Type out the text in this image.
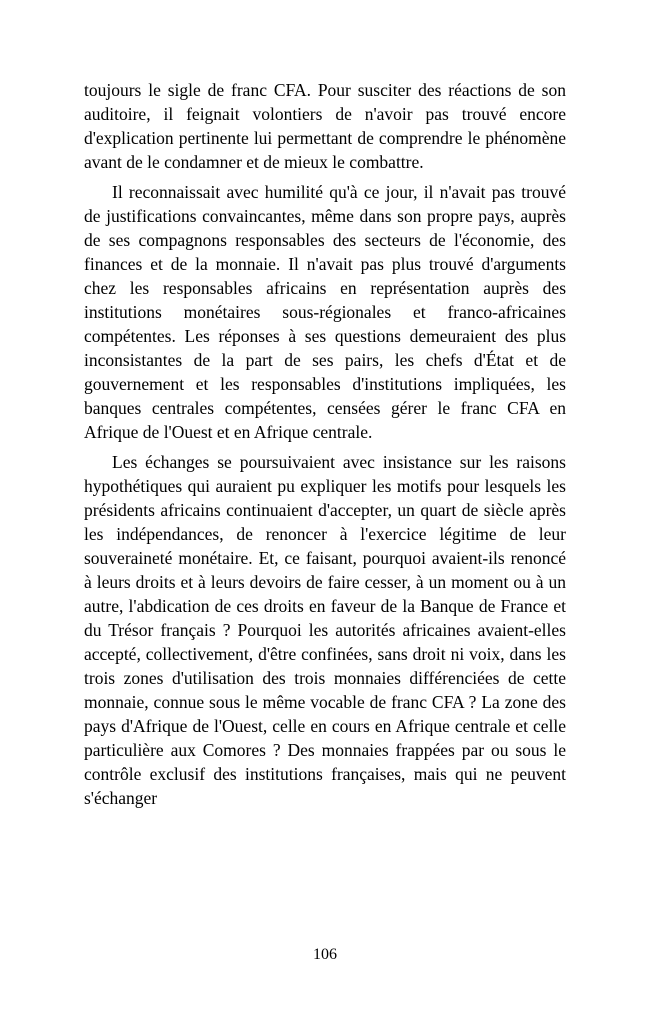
toujours le sigle de franc CFA. Pour susciter des réactions de son auditoire, il feignait volontiers de n'avoir pas trouvé encore d'explication pertinente lui permettant de comprendre le phénomène avant de le condamner et de mieux le combattre.

Il reconnaissait avec humilité qu'à ce jour, il n'avait pas trouvé de justifications convaincantes, même dans son propre pays, auprès de ses compagnons responsables des secteurs de l'économie, des finances et de la monnaie. Il n'avait pas plus trouvé d'arguments chez les responsables africains en représentation auprès des institutions monétaires sous-régionales et franco-africaines compétentes. Les réponses à ses questions demeuraient des plus inconsistantes de la part de ses pairs, les chefs d'État et de gouvernement et les responsables d'institutions impliquées, les banques centrales compétentes, censées gérer le franc CFA en Afrique de l'Ouest et en Afrique centrale.

Les échanges se poursuivaient avec insistance sur les raisons hypothétiques qui auraient pu expliquer les motifs pour lesquels les présidents africains continuaient d'accepter, un quart de siècle après les indépendances, de renoncer à l'exercice légitime de leur souveraineté monétaire. Et, ce faisant, pourquoi avaient-ils renoncé à leurs droits et à leurs devoirs de faire cesser, à un moment ou à un autre, l'abdication de ces droits en faveur de la Banque de France et du Trésor français ? Pourquoi les autorités africaines avaient-elles accepté, collectivement, d'être confinées, sans droit ni voix, dans les trois zones d'utilisation des trois monnaies différenciées de cette monnaie, connue sous le même vocable de franc CFA ? La zone des pays d'Afrique de l'Ouest, celle en cours en Afrique centrale et celle particulière aux Comores ? Des monnaies frappées par ou sous le contrôle exclusif des institutions françaises, mais qui ne peuvent s'échanger

106
